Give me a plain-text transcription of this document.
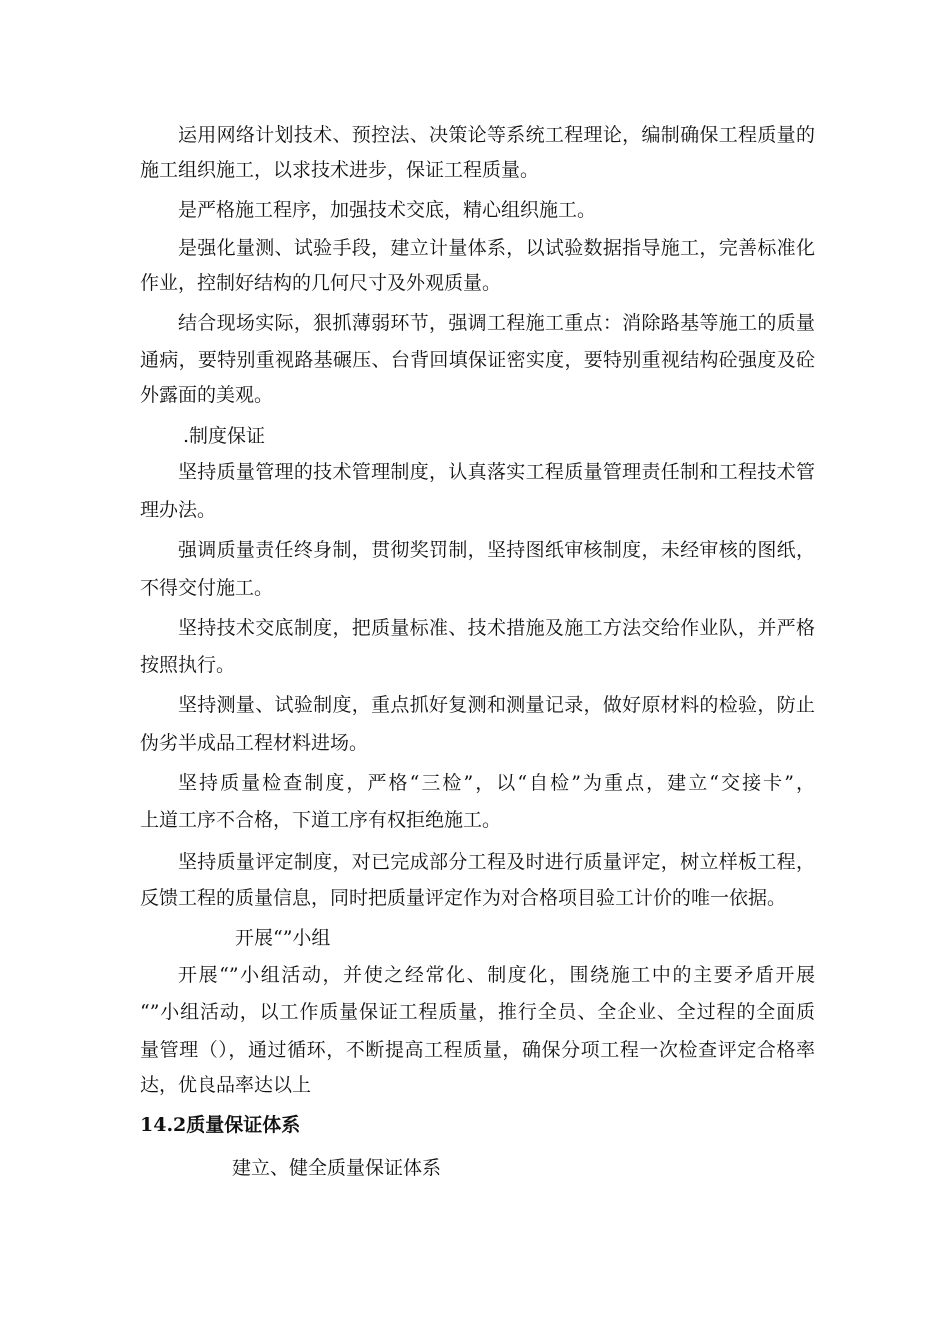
运用网络计划技术、预控法、决策论等系统工程理论，编制确保工程质量的
施工组织施工，以求技术进步，保证工程质量。
是严格施工程序，加强技术交底，精心组织施工。
是强化量测、试验手段，建立计量体系，以试验数据指导施工，完善标准化
作业，控制好结构的几何尺寸及外观质量。
结合现场实际，狠抓薄弱环节，强调工程施工重点：消除路基等施工的质量
通病，要特别重视路基碾压、台背回填保证密实度，要特别重视结构砼强度及砼
外露面的美观。
.制度保证
坚持质量管理的技术管理制度，认真落实工程质量管理责任制和工程技术管
理办法。
强调质量责任终身制，贯彻奖罚制，坚持图纸审核制度，未经审核的图纸，
不得交付施工。
坚持技术交底制度，把质量标准、技术措施及施工方法交给作业队，并严格
按照执行。
坚持测量、试验制度，重点抓好复测和测量记录，做好原材料的检验，防止
伪劣半成品工程材料进场。
坚持质量检查制度，严格“三检”，以“自检”为重点，建立“交接卡”，
上道工序不合格，下道工序有权拒绝施工。
坚持质量评定制度，对已完成部分工程及时进行质量评定，树立样板工程，
反馈工程的质量信息，同时把质量评定作为对合格项目验工计价的唯一依据。
开展“”小组
开展“”小组活动，并使之经常化、制度化，围绕施工中的主要矛盾开展
“”小组活动，以工作质量保证工程质量，推行全员、全企业、全过程的全面质
量管理（），通过循环，不断提高工程质量，确保分项工程一次检查评定合格率
达，优良品率达以上
14.2质量保证体系
建立、健全质量保证体系
